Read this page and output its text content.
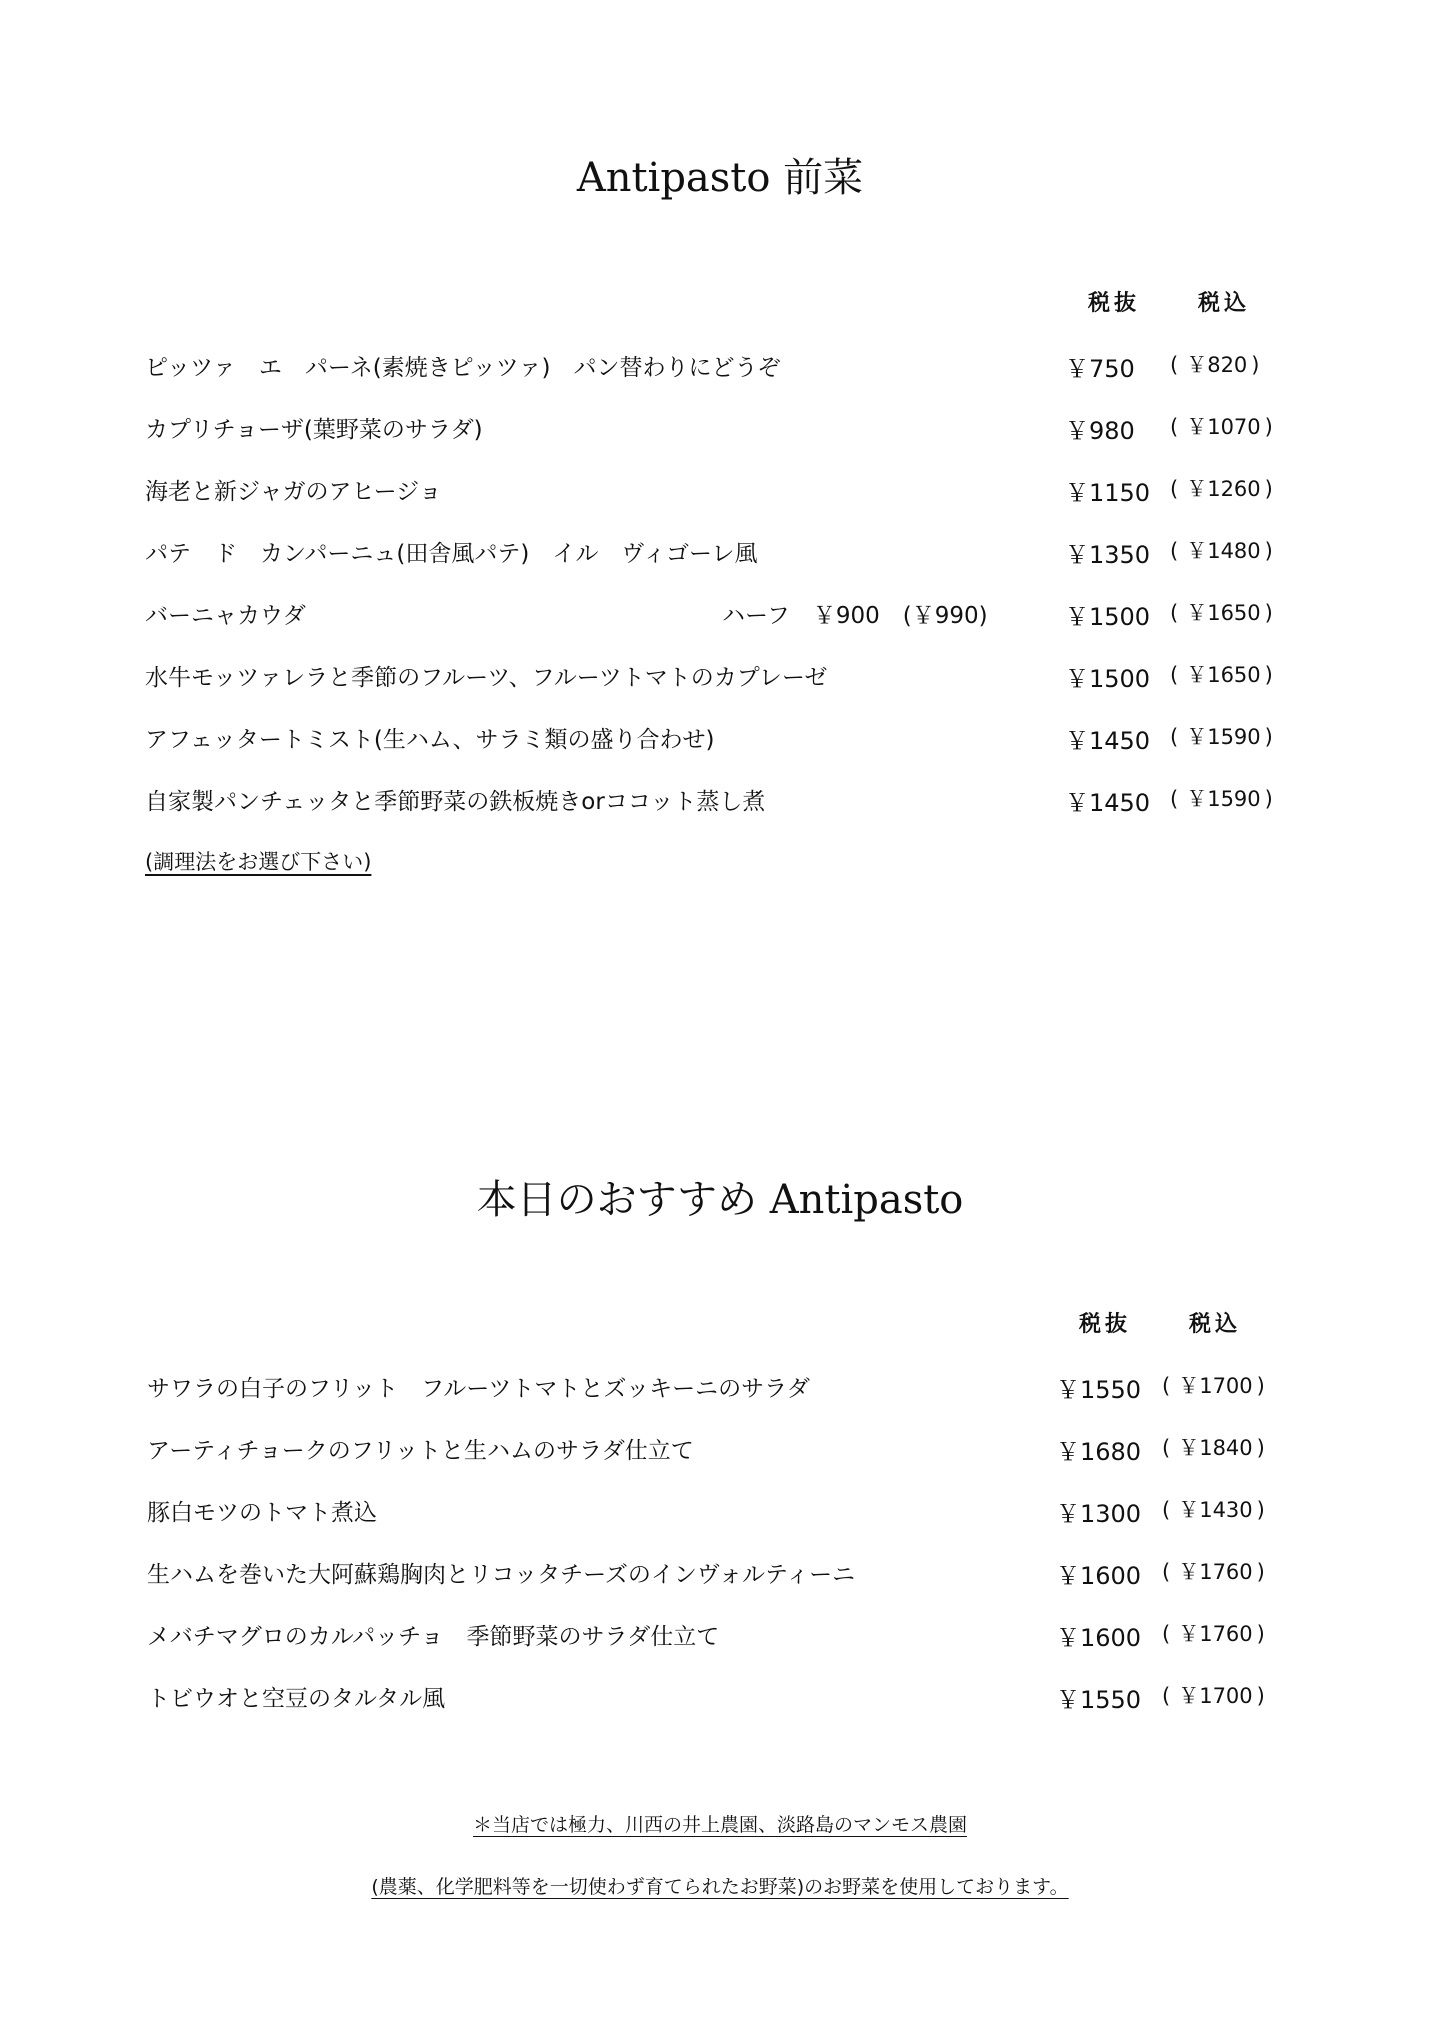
Antipasto 前菜
税抜	税込
ピッツァ　エ　パーネ(素焼きピッツァ)　パン替わりにどうぞ	￥750	( ￥820 )
カプリチョーザ(葉野菜のサラダ)	￥980	( ￥1070 )
海老と新ジャガのアヒージョ	￥1150	( ￥1260 )
パテ　ド　カンパーニュ(田舎風パテ)　イル　ヴィゴーレ風	￥1350	( ￥1480 )
バーニャカウダ	ハーフ　￥900　(￥990)	￥1500	( ￥1650 )
水牛モッツァレラと季節のフルーツ、フルーツトマトのカプレーゼ	￥1500	( ￥1650 )
アフェッタートミスト(生ハム、サラミ類の盛り合わせ)	￥1450	( ￥1590 )
自家製パンチェッタと季節野菜の鉄板焼きorココット蒸し煮	￥1450	( ￥1590 )
(調理法をお選び下さい)
本日のおすすめ Antipasto
税抜	税込
サワラの白子のフリット　フルーツトマトとズッキーニのサラダ	￥1550	( ￥1700 )
アーティチョークのフリットと生ハムのサラダ仕立て	￥1680	( ￥1840 )
豚白モツのトマト煮込	￥1300	( ￥1430 )
生ハムを巻いた大阿蘇鶏胸肉とリコッタチーズのインヴォルティーニ	￥1600	( ￥1760 )
メバチマグロのカルパッチョ　季節野菜のサラダ仕立て	￥1600	( ￥1760 )
トビウオと空豆のタルタル風	￥1550	( ￥1700 )
＊当店では極力、川西の井上農園、淡路島のマンモス農園
(農薬、化学肥料等を一切使わず育てられたお野菜)のお野菜を使用しております。
